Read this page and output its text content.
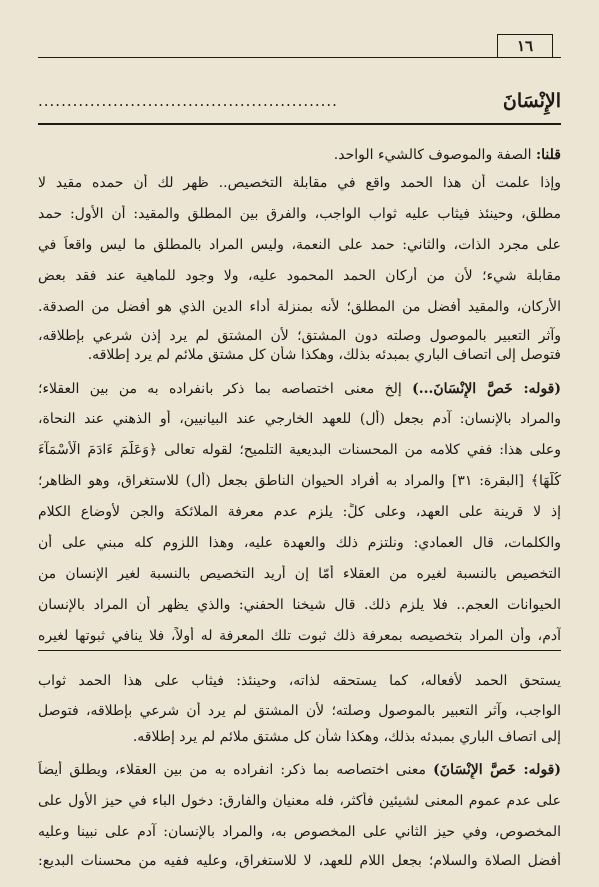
١٦
الإِنْسَانَ
....................................................
قلنا: الصفة والموصوف كالشيء الواحد.
وإذا علمت أن هذا الحمد واقع في مقابلة التخصيص.. ظهر لك أن حمده مقيد لا
مطلق، وحينئذ فيثاب عليه ثواب الواجب، والفرق بين المطلق والمقيد: أن الأول: حمد
على مجرد الذات، والثاني: حمد على النعمة، وليس المراد بالمطلق ما ليس واقعاً في
مقابلة شيء؛ لأن من أركان الحمد المحمود عليه، ولا وجود للماهية عند فقد بعض
الأركان، والمقيد أفضل من المطلق؛ لأنه بمنزلة أداء الدين الذي هو أفضل من الصدقة.
وآثر التعبير بالموصول وصلته دون المشتق؛ لأن المشتق لم يرد إذن شرعي بإطلاقه،
فتوصل إلى اتصاف الباري بمبدئه بذلك، وهكذا شأن كل مشتق ملائم لم يرد إطلاقه.
(قوله: خَصَّ الإِنْسَانَ...) إلخ معنى اختصاصه بما ذكر بانفراده به من بين العقلاء؛
والمراد بالإنسان: آدم بجعل (أل) للعهد الخارجي عند البيانيين، أو الذهني عند النحاة،
وعلى هذا: ففي كلامه من المحسنات البديعية التلميح؛ لقوله تعالى ﴿وَعَلَّمَ ءَادَمَ الْأَسْمَآءَ
كُلَّهَا﴾ [البقرة: ٣١] والمراد به أفراد الحيوان الناطق بجعل (أل) للاستغراق، وهو الظاهر؛
إذ لا قرينة على العهد، وعلى كلٍّ: يلزم عدم معرفة الملائكة والجن لأوضاع الكلام
والكلمات، قال العمادي: ونلتزم ذلك والعهدة عليه، وهذا اللزوم كله مبني على أن
التخصيص بالنسبة لغيره من العقلاء أمّا إن أريد التخصيص بالنسبة لغير الإنسان من
الحيوانات العجم.. فلا يلزم ذلك. قال شيخنا الحفني: والذي يظهر أن المراد بالإنسان
آدم، وأن المراد بتخصيصه بمعرفة ذلك ثبوت تلك المعرفة له أولاً، فلا ينافي ثبوتها لغيره
يستحق الحمد لأفعاله، كما يستحقه لذاته، وحينئذ: فيثاب على هذا الحمد ثواب
الواجب، وآثر التعبير بالموصول وصلته؛ لأن المشتق لم يرد أن شرعي بإطلاقه، فتوصل
إلى اتصاف الباري بمبدئه بذلك، وهكذا شأن كل مشتق ملائم لم يرد إطلاقه.
(قوله: خَصَّ الإِنْسَانَ) معنى اختصاصه بما ذكر: انفراده به من بين العقلاء، ويطلق أيضاً
على عدم عموم المعنى لشيئين فأكثر، فله معنيان والفارق: دخول الباء في حيز الأول على
المخصوص، وفي حيز الثاني على المخصوص به، والمراد بالإنسان: آدم على نبينا وعليه
أفضل الصلاة والسلام؛ بجعل اللام للعهد، لا للاستغراق، وعليه ففيه من محسنات البديع:
